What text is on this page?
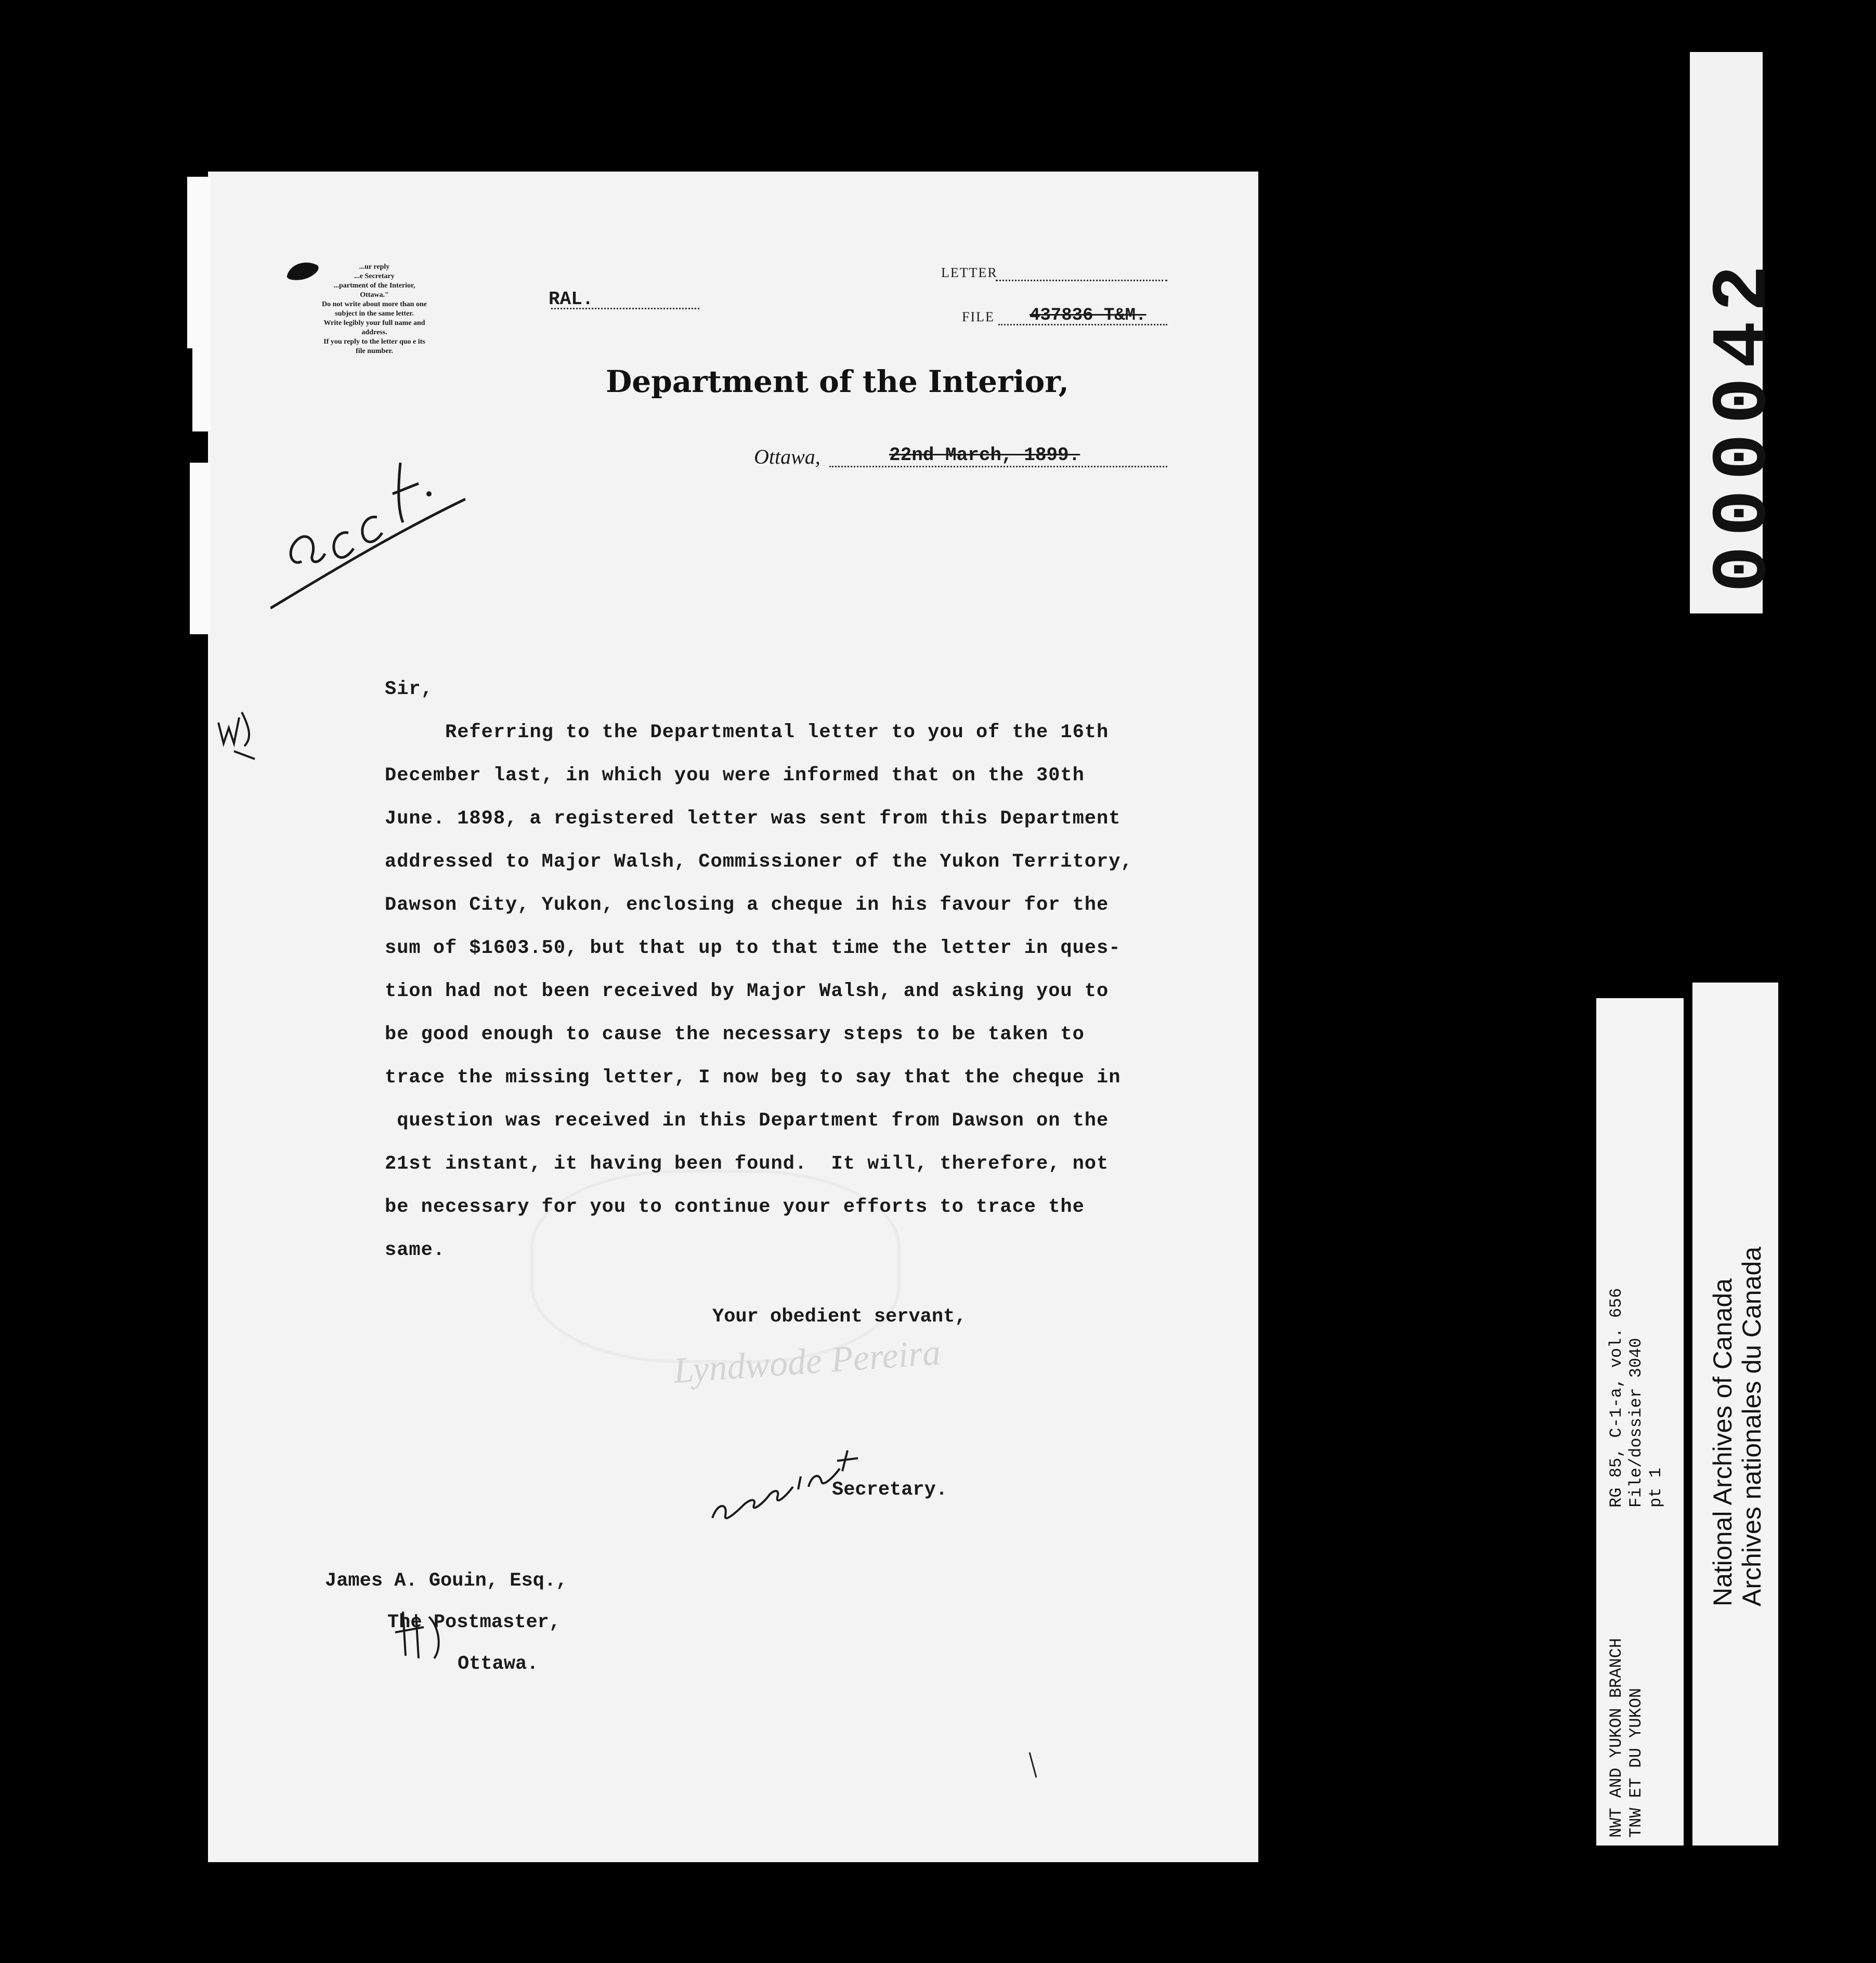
...ur reply
...e Secretary
...partment of the Interior,
Ottawa."
Do not write about more than one
subject in the same letter.
Write legibly your full name and
address.
If you reply to the letter quo e its
file number.
RAL.
LETTER
FILE 437836 T&M.
Department of the Interior,
Ottawa,	22nd March, 1899.

Sir,

Referring to the Departmental letter to you of the 16th

December last, in which you were informed that on the 30th

June. 1898, a registered letter was sent from this Department

addressed to Major Walsh, Commissioner of the Yukon Territory,

Dawson City, Yukon, enclosing a cheque in his favour for the

sum of $1603.50, but that up to that time the letter in ques-

tion had not been received by Major Walsh, and asking you to

be good enough to cause the necessary steps to be taken to

trace the missing letter, I now beg to say that the cheque in

question was received in this Department from Dawson on the

21st instant, it having been found.  It will, therefore, not

be necessary for you to continue your efforts to trace the

same.

Your obedient servant,
Lyndwode Pereira
Secretary.
James A. Gouin, Esq.,
The Postmaster,
Ottawa.
000042
RG 85, C-1-a, vol. 656 File/dossier 3040 pt 1
NWT AND YUKON BRANCH TNW ET DU YUKON
National Archives of Canada Archives nationales du Canada
